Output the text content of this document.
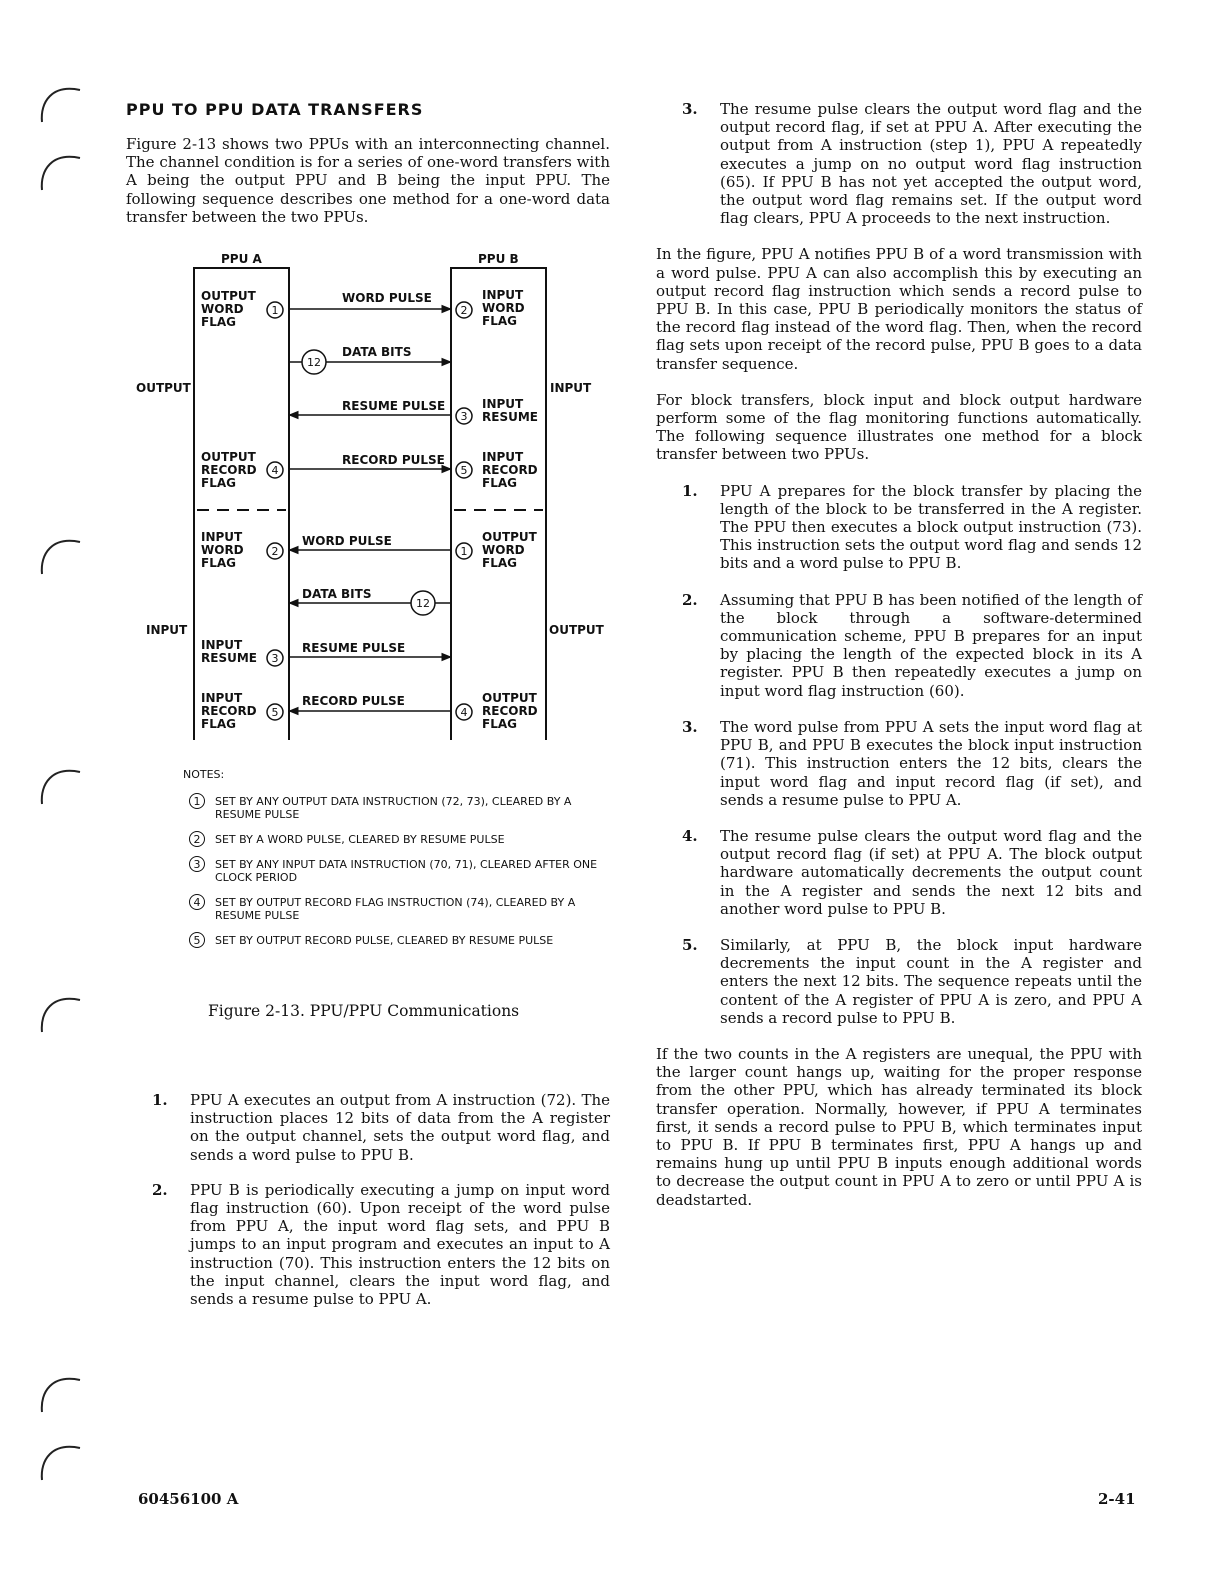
PPU TO PPU DATA TRANSFERS

Figure 2-13 shows two PPUs with an interconnecting channel. The channel condition is for a series of one-word transfers with A being the output PPU and B being the input PPU. The following sequence describes one method for a one-word data transfer between the two PPUs.

PPU A	PPU B
OUTPUT	INPUT
INPUT	OUTPUT
OUTPUT WORD FLAG
OUTPUT RECORD FLAG
INPUT WORD FLAG
INPUT RESUME
INPUT RECORD FLAG
INPUT WORD FLAG
INPUT RESUME
INPUT RECORD FLAG
OUTPUT WORD FLAG
OUTPUT RECORD FLAG
WORD PULSE
DATA BITS
RESUME PULSE
RECORD PULSE
WORD PULSE
DATA BITS
RESUME PULSE
RECORD PULSE
1	2
12
3
4	5
2	1
12
3
5	4
NOTES:
1	SET BY ANY OUTPUT DATA INSTRUCTION (72, 73), CLEARED BY A RESUME PULSE
2	SET BY A WORD PULSE, CLEARED BY RESUME PULSE
3	SET BY ANY INPUT DATA INSTRUCTION (70, 71), CLEARED AFTER ONE CLOCK PERIOD
4	SET BY OUTPUT RECORD FLAG INSTRUCTION (74), CLEARED BY A RESUME PULSE
5	SET BY OUTPUT RECORD PULSE, CLEARED BY RESUME PULSE
Figure 2-13. PPU/PPU Communications
1. PPU A executes an output from A instruction (72). The instruction places 12 bits of data from the A register on the output channel, sets the output word flag, and sends a word pulse to PPU B.
2. PPU B is periodically executing a jump on input word flag instruction (60). Upon receipt of the word pulse from PPU A, the input word flag sets, and PPU B jumps to an input program and executes an input to A instruction (70). This instruction enters the 12 bits on the input channel, clears the input word flag, and sends a resume pulse to PPU A.
3. The resume pulse clears the output word flag and the output record flag, if set at PPU A. After executing the output from A instruction (step 1), PPU A repeatedly executes a jump on no output word flag instruction (65). If PPU B has not yet accepted the output word, the output word flag remains set. If the output word flag clears, PPU A proceeds to the next instruction.

In the figure, PPU A notifies PPU B of a word transmission with a word pulse. PPU A can also accomplish this by executing an output record flag instruction which sends a record pulse to PPU B. In this case, PPU B periodically monitors the status of the record flag instead of the word flag. Then, when the record flag sets upon receipt of the record pulse, PPU B goes to a data transfer sequence.

For block transfers, block input and block output hardware perform some of the flag monitoring functions automatically. The following sequence illustrates one method for a block transfer between two PPUs.

1. PPU A prepares for the block transfer by placing the length of the block to be transferred in the A register. The PPU then executes a block output instruction (73). This instruction sets the output word flag and sends 12 bits and a word pulse to PPU B.
2. Assuming that PPU B has been notified of the length of the block through a software-determined communication scheme, PPU B prepares for an input by placing the length of the expected block in its A register. PPU B then repeatedly executes a jump on input word flag instruction (60).
3. The word pulse from PPU A sets the input word flag at PPU B, and PPU B executes the block input instruction (71). This instruction enters the 12 bits, clears the input word flag and input record flag (if set), and sends a resume pulse to PPU A.
4. The resume pulse clears the output word flag and the output record flag (if set) at PPU A. The block output hardware automatically decrements the output count in the A register and sends the next 12 bits and another word pulse to PPU B.
5. Similarly, at PPU B, the block input hardware decrements the input count in the A register and enters the next 12 bits. The sequence repeats until the content of the A register of PPU A is zero, and PPU A sends a record pulse to PPU B.

If the two counts in the A registers are unequal, the PPU with the larger count hangs up, waiting for the proper response from the other PPU, which has already terminated its block transfer operation. Normally, however, if PPU A terminates first, it sends a record pulse to PPU B, which terminates input to PPU B. If PPU B terminates first, PPU A hangs up and remains hung up until PPU B inputs enough additional words to decrease the output count in PPU A to zero or until PPU A is deadstarted.

60456100 A	2-41
